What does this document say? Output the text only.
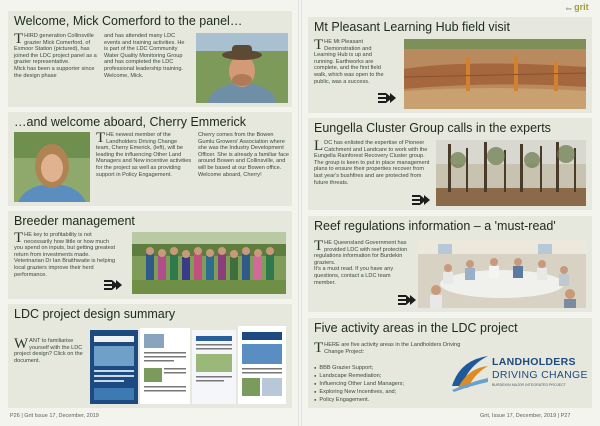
the grit
Welcome, Mick Comerford to the panel…
THIRD generation Collinsville grazier Mick Comerford, of Exmoor Station (pictured), has joined the LDC project panel as a grazier representative.
Mick has been a supporter since the design phase
and has attended many LDC events and training activities. He is part of the LDC Community Water Quality Monitoring Group and has completed the LDC professional leadership training.
Welcome, Mick.
…and welcome aboard, Cherry Emmerick
THE newest member of the Landholders Driving Change team, Cherry Emerick, (left), will be leading the influencing Other Land Managers and New incentive activities for the project as well as providing support in Policy Engagement.
Cherry comes from the Bowen Gumlu Growers' Association where she was the Industry Development Officer. She is already a familiar face around Bowen and Collinsville, and will be based at our Bowen office.
Welcome aboard, Cherry!
Breeder management
THE key to profitability is not necessarily how little or how much you spend on inputs, but getting greatest return from investments made. Veterinarian Dr Ian Braithwaite is helping local graziers improve their herd performance.
LDC project design summary
WANT to familiarise yourself with the LDC project design? Click on the document.
P26 | Grit Issue 17, December, 2019
Mt Pleasant Learning Hub field visit
THE Mt Pleasant Demonstration and Learning Hub is up and running. Earthworks are complete, and the first field walk, which was open to the public, was a success.
Eungella Cluster Group calls in the experts
LDC has enlisted the expertise of Pioneer Catchment and Landcare to work with the Eungella Rainforest Recovery Cluster group. The group is keen to put in place management plans to ensure their properties recover from last year's bushfires and are protected from future threats.
Reef regulations information – a 'must-read'
THE Queensland Government has provided LDC with reef protection regulations information for Burdekin graziers.
It's a must read. If you have any questions, contact a LDC team member.
Five activity areas in the LDC project
THERE are five activity areas in the Landholders Driving Change Project:
● BBB Grazier Support;
● Landscape Remediation;
● Influencing Other Land Managers;
● Exploring New Incentives, and;
● Policy Engagement.
LANDHOLDERS
DRIVING CHANGE
BURDEKIN MAJOR INTEGRATED PROJECT
Grit, Issue 17, December, 2019 | P27
